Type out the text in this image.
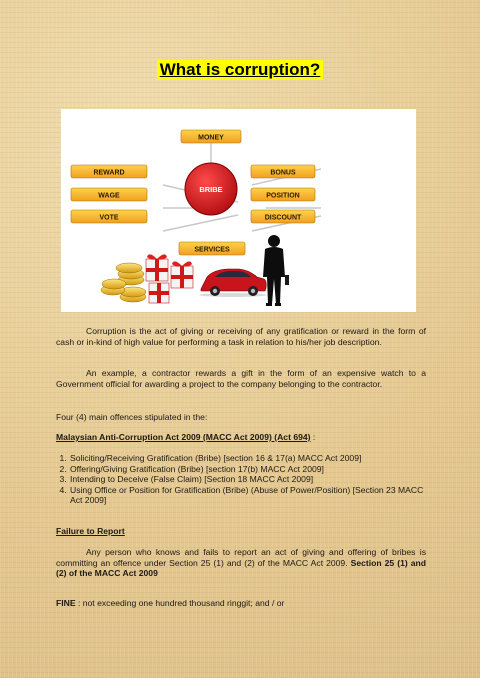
What is corruption?
BRIBE
MONEY
SERVICES
REWARD
WAGE
VOTE
BONUS
POSITION
DISCOUNT

Corruption is the act of giving or receiving of any gratification or reward in the form of cash or in-kind of high value for performing a task in relation to his/her job description.

An example, a contractor rewards a gift in the form of an expensive watch to a Government official for awarding a project to the company belonging to the contractor.

Four (4) main offences stipulated in the:

Malaysian Anti-Corruption Act 2009 (MACC Act 2009) (Act 694) :

1. Soliciting/Receiving Gratification (Bribe) [section 16 & 17(a) MACC Act 2009]
2. Offering/Giving Gratification (Bribe) [section 17(b) MACC Act 2009]
3. Intending to Deceive (False Claim) [Section 18 MACC Act 2009]
4. Using Office or Position for Gratification (Bribe) (Abuse of Power/Position) [Section 23 MACC Act 2009]

Failure to Report

Any person who knows and fails to report an act of giving and offering of bribes is committing an offence under Section 25 (1) and (2) of the MACC Act 2009. Section 25 (1) and (2) of the MACC Act 2009

FINE : not exceeding one hundred thousand ringgit; and / or
